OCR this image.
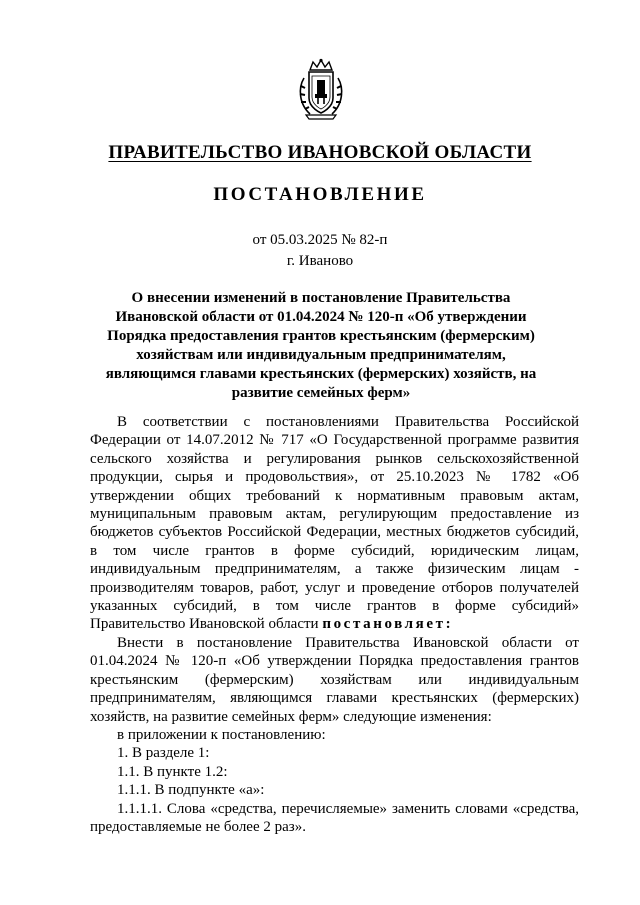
ПРАВИТЕЛЬСТВО ИВАНОВСКОЙ ОБЛАСТИ
ПОСТАНОВЛЕНИЕ
от 05.03.2025 № 82-п
г. Иваново
О внесении изменений в постановление Правительства Ивановской области от 01.04.2024 № 120-п «Об утверждении Порядка предоставления грантов крестьянским (фермерским) хозяйствам или индивидуальным предпринимателям, являющимся главами крестьянских (фермерских) хозяйств, на развитие семейных ферм»

В соответствии с постановлениями Правительства Российской Федерации от 14.07.2012 № 717 «О Государственной программе развития сельского хозяйства и регулирования рынков сельскохозяйственной продукции, сырья и продовольствия», от 25.10.2023 № 1782 «Об утверждении общих требований к нормативным правовым актам, муниципальным правовым актам, регулирующим предоставление из бюджетов субъектов Российской Федерации, местных бюджетов субсидий, в том числе грантов в форме субсидий, юридическим лицам, индивидуальным предпринимателям, а также физическим лицам - производителям товаров, работ, услуг и проведение отборов получателей указанных субсидий, в том числе грантов в форме субсидий» Правительство Ивановской области постановляет:

Внести в постановление Правительства Ивановской области от 01.04.2024 № 120-п «Об утверждении Порядка предоставления грантов крестьянским (фермерским) хозяйствам или индивидуальным предпринимателям, являющимся главами крестьянских (фермерских) хозяйств, на развитие семейных ферм» следующие изменения:

в приложении к постановлению:

1. В разделе 1:

1.1. В пункте 1.2:

1.1.1. В подпункте «а»:

1.1.1.1. Слова «средства, перечисляемые» заменить словами «средства, предоставляемые не более 2 раз».
